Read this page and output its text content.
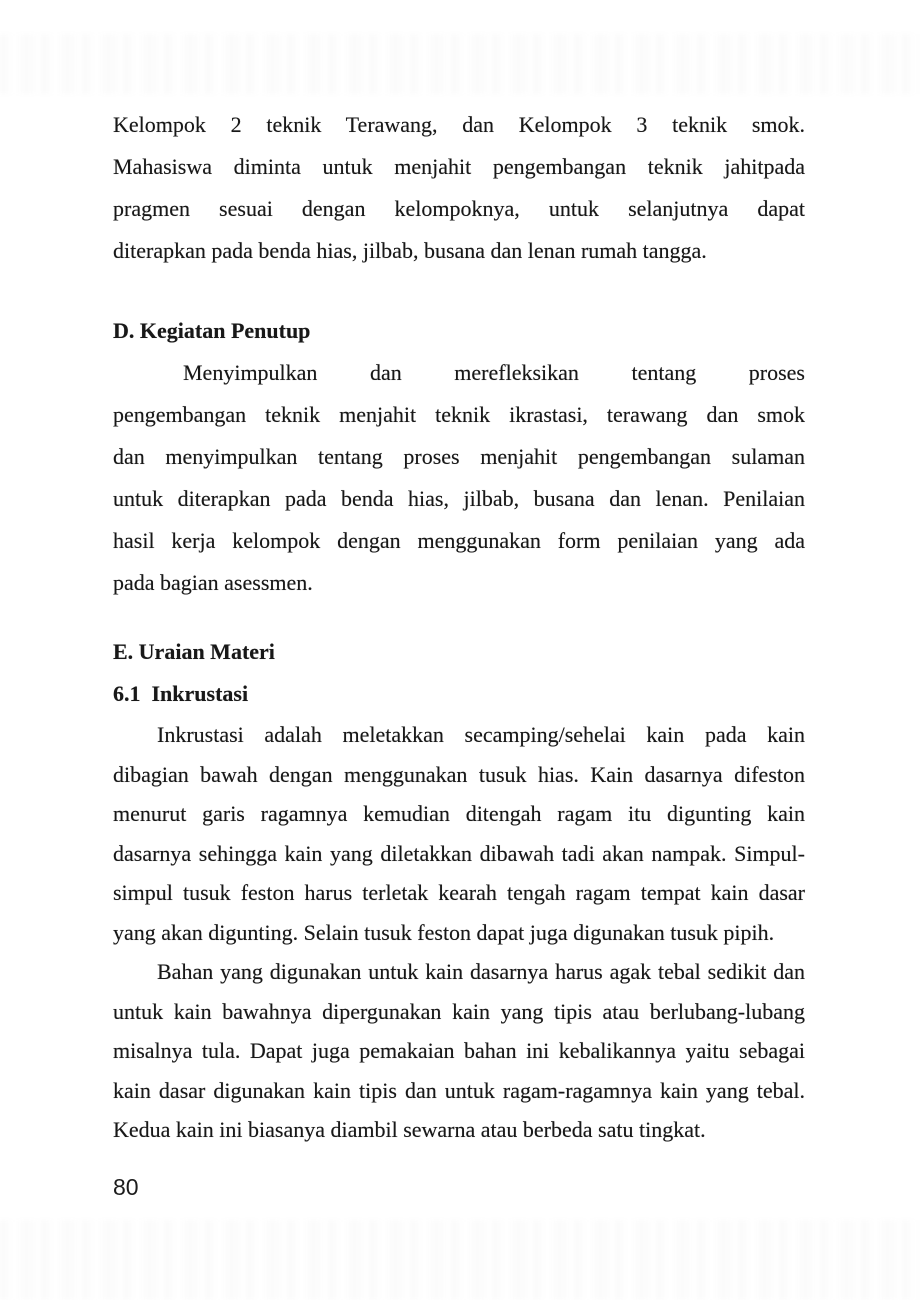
Kelompok 2 teknik Terawang, dan Kelompok 3 teknik smok.
Mahasiswa diminta untuk menjahit pengembangan teknik jahitpada
pragmen sesuai dengan kelompoknya, untuk selanjutnya dapat
diterapkan pada benda hias, jilbab, busana dan lenan rumah tangga.

D. Kegiatan Penutup

Menyimpulkan dan merefleksikan tentang proses
pengembangan teknik menjahit teknik ikrastasi, terawang dan smok
dan menyimpulkan tentang proses menjahit pengembangan sulaman
untuk diterapkan pada benda hias, jilbab, busana dan lenan. Penilaian
hasil kerja kelompok dengan menggunakan form penilaian yang ada
pada bagian asessmen.

E. Uraian Materi
6.1  Inkrustasi

Inkrustasi adalah meletakkan secamping/sehelai kain pada kain
dibagian bawah dengan menggunakan tusuk hias. Kain dasarnya difeston
menurut garis ragamnya kemudian ditengah ragam itu digunting kain
dasarnya sehingga kain yang diletakkan dibawah tadi akan nampak. Simpul-
simpul tusuk feston harus terletak kearah tengah ragam tempat kain dasar
yang akan digunting. Selain tusuk feston dapat juga digunakan tusuk pipih.

Bahan yang digunakan untuk kain dasarnya harus agak tebal sedikit dan
untuk kain bawahnya dipergunakan kain yang tipis atau berlubang-lubang
misalnya tula. Dapat juga pemakaian bahan ini kebalikannya yaitu sebagai
kain dasar digunakan kain tipis dan untuk ragam-ragamnya kain yang tebal.
Kedua kain ini biasanya diambil sewarna atau berbeda satu tingkat.

80
